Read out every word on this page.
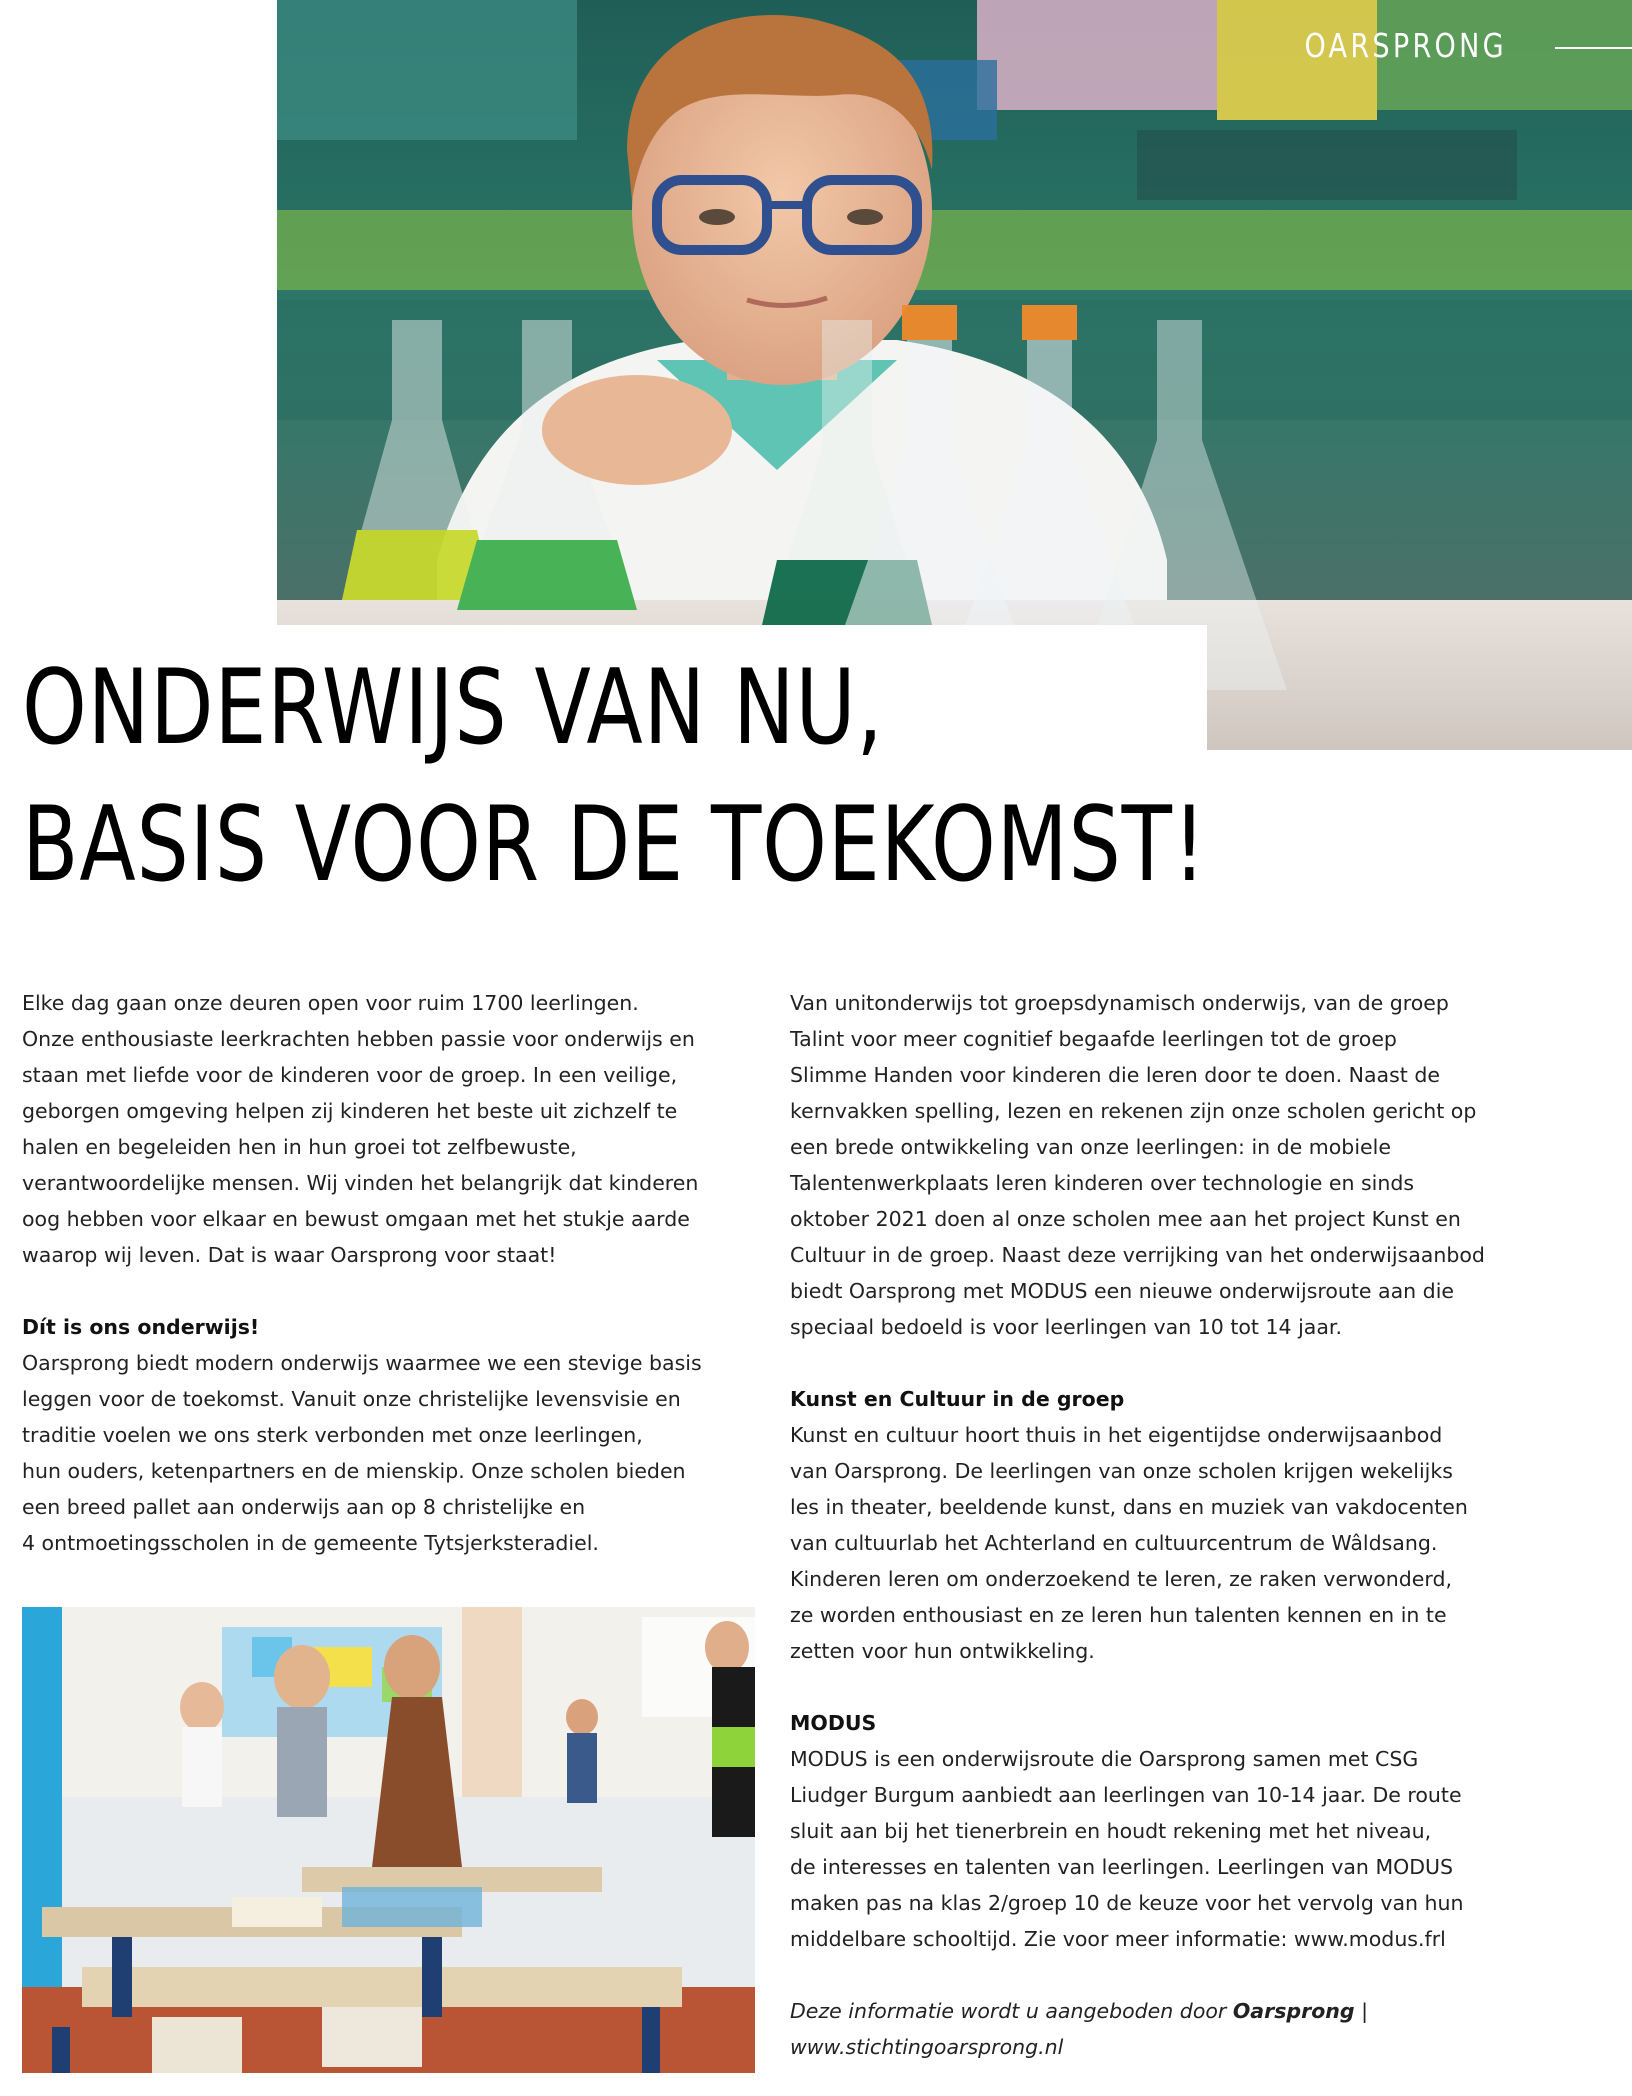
OARSPRONG
ONDERWIJS VAN NU,
BASIS VOOR DE TOEKOMST!

Elke dag gaan onze deuren open voor ruim 1700 leerlingen.

Onze enthousiaste leerkrachten hebben passie voor onderwijs en

staan met liefde voor de kinderen voor de groep. In een veilige,

geborgen omgeving helpen zij kinderen het beste uit zichzelf te

halen en begeleiden hen in hun groei tot zelfbewuste,

verantwoordelijke mensen. Wij vinden het belangrijk dat kinderen

oog hebben voor elkaar en bewust omgaan met het stukje aarde

waarop wij leven. Dat is waar Oarsprong voor staat!

Dít is ons onderwijs!

Oarsprong biedt modern onderwijs waarmee we een stevige basis

leggen voor de toekomst. Vanuit onze christelijke levensvisie en

traditie voelen we ons sterk verbonden met onze leerlingen,

hun ouders, ketenpartners en de mienskip. Onze scholen bieden

een breed pallet aan onderwijs aan op 8 christelijke en

4 ontmoetingsscholen in de gemeente Tytsjerksteradiel.

Van unitonderwijs tot groepsdynamisch onderwijs, van de groep

Talint voor meer cognitief begaafde leerlingen tot de groep

Slimme Handen voor kinderen die leren door te doen. Naast de

kernvakken spelling, lezen en rekenen zijn onze scholen gericht op

een brede ontwikkeling van onze leerlingen: in de mobiele

Talentenwerkplaats leren kinderen over technologie en sinds

oktober 2021 doen al onze scholen mee aan het project Kunst en

Cultuur in de groep. Naast deze verrijking van het onderwijsaanbod

biedt Oarsprong met MODUS een nieuwe onderwijsroute aan die

speciaal bedoeld is voor leerlingen van 10 tot 14 jaar.

Kunst en Cultuur in de groep

Kunst en cultuur hoort thuis in het eigentijdse onderwijsaanbod

van Oarsprong. De leerlingen van onze scholen krijgen wekelijks

les in theater, beeldende kunst, dans en muziek van vakdocenten

van cultuurlab het Achterland en cultuurcentrum de Wâldsang.

Kinderen leren om onderzoekend te leren, ze raken verwonderd,

ze worden enthousiast en ze leren hun talenten kennen en in te

zetten voor hun ontwikkeling.

MODUS

MODUS is een onderwijsroute die Oarsprong samen met CSG

Liudger Burgum aanbiedt aan leerlingen van 10-14 jaar. De route

sluit aan bij het tienerbrein en houdt rekening met het niveau,

de interesses en talenten van leerlingen. Leerlingen van MODUS

maken pas na klas 2/groep 10 de keuze voor het vervolg van hun

middelbare schooltijd. Zie voor meer informatie: www.modus.frl

Deze informatie wordt u aangeboden door Oarsprong |

www.stichtingoarsprong.nl
